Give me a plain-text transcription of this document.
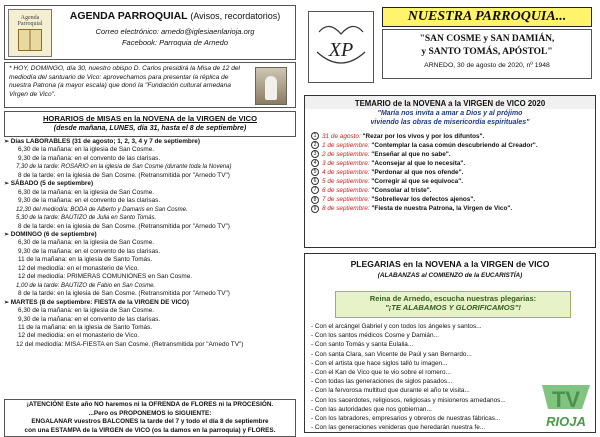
Agenda Parroquial
AGENDA PARROQUIAL (Avisos, recordatorios)
Correo electrónico: arnedo@iglesiaenlarioja.org
Facebook: Parroquia de Arnedo
* HOY, DOMINGO, día 30, nuestro obispo D. Carlos presidirá la Misa de 12 del mediodía del santuario de Vico: aprovechamos para presentar la réplica de nuestra Patrona (a mayor escala) que donó la "Fundación cultural arnedana Virgen de Vico".
HORARIOS de MISAS en la NOVENA de la VIRGEN de VICO
(desde mañana, LUNES, día 31, hasta el 8 de septiembre)
➢ Días LABORABLES (31 de agosto; 1, 2, 3, 4 y 7 de septiembre)
6,30 de la mañana: en la iglesia de San Cosme.
9,30 de la mañana: en el convento de las clarisas.
7,30 de la tarde: ROSARIO en la iglesia de San Cosme (durante toda la Novena)
8 de la tarde: en la iglesia de San Cosme. (Retransmitida por "Arnedo TV")
➢ SÁBADO (5 de septiembre)
6,30 de la mañana: en la iglesia de San Cosme.
9,30 de la mañana: en el convento de las clarisas.
12,30 del mediodía: BODA de Alberto y Damaris en San Cosme.
5,30 de la tarde: BAUTIZO de Julia en Santo Tomás.
8 de la tarde: en la iglesia de San Cosme. (Retransmitida por "Arnedo TV")
➢ DOMINGO (6 de septiembre)
6,30 de la mañana: en la iglesia de San Cosme.
9,30 de la mañana: en el convento de las clarisas.
11 de la mañana: en la iglesia de Santo Tomás.
12 del mediodía: en el monasterio de Vico.
12 del mediodía: PRIMERAS COMUNIONES en San Cosme.
1,00 de la tarde: BAUTIZO de Fabio en San Cosme.
8 de la tarde: en la iglesia de San Cosme. (Retransmitida por "Arnedo TV")
➢ MARTES (8 de septiembre: FIESTA de la VIRGEN DE VICO)
6,30 de la mañana: en la iglesia de San Cosme.
9,30 de la mañana: en el convento de las clarisas.
11 de la mañana: en la iglesia de Santo Tomás.
12 del mediodía: en el monasterio de Vico.
12 del mediodía: MISA-FIESTA en San Cosme. (Retransmitida por "Arnedo TV")
¡ATENCIÓN! Este año NO haremos ni la OFRENDA de FLORES ni la PROCESIÓN.
...Pero os PROPONEMOS lo SIGUIENTE:
ENGALANAR vuestros BALCONES la tarde del 7 y todo el día 8 de septiembre
con una ESTAMPA de la VIRGEN de VICO (os la damos en la parroquia) y FLORES.
XP
NUESTRA PARROQUIA...
"SAN COSME y SAN DAMIÁN,
y SANTO TOMÁS, APÓSTOL"
ARNEDO, 30 de agosto de 2020, nº 1948
TEMARIO de la NOVENA a la VIRGEN de VICO 2020
"María nos invita a amar a Dios y al prójimo
viviendo las obras de misericordia espirituales"
1 31 de agosto: "Rezar por los vivos y por los difuntos".
2 1 de septiembre: "Contemplar la casa común descubriendo al Creador".
3 2 de septiembre: "Enseñar al que no sabe".
4 3 de septiembre: "Aconsejar al que lo necesita".
5 4 de septiembre: "Perdonar al que nos ofende".
6 5 de septiembre: "Corregir al que se equivoca".
7 6 de septiembre: "Consolar al triste".
8 7 de septiembre: "Sobrellevar los defectos ajenos".
9 8 de septiembre: "Fiesta de nuestra Patrona, la Virgen de Vico".
PLEGARIAS en la NOVENA a la VIRGEN de VICO
(ALABANZAS al COMIENZO de la EUCARISTÍA)
Reina de Arnedo, escucha nuestras plegarias:
"¡TE ALABAMOS Y GLORIFICAMOS"!
- Con el arcángel Gabriel y con todos los ángeles y santos...
- Con los santos médicos Cosme y Damián...
- Con santo Tomás y santa Eulalia...
- Con santa Clara, san Vicente de Paúl y san Bernardo...
- Con el artista que hace siglos talló tu imagen...
- Con el Kan de Vico que te vio sobre el romero...
- Con todas las generaciones de siglos pasados...
- Con la fervorosa multitud que durante el año te visita...
- Con los sacerdotes, religiosos, religiosas y misioneros arnedanos...
- Con las autoridades que nos gobiernan...
- Con los labradores, empresarios y obreros de nuestras fábricas...
- Con las generaciones venideras que heredarán nuestra fe...
TV
RIOJA
